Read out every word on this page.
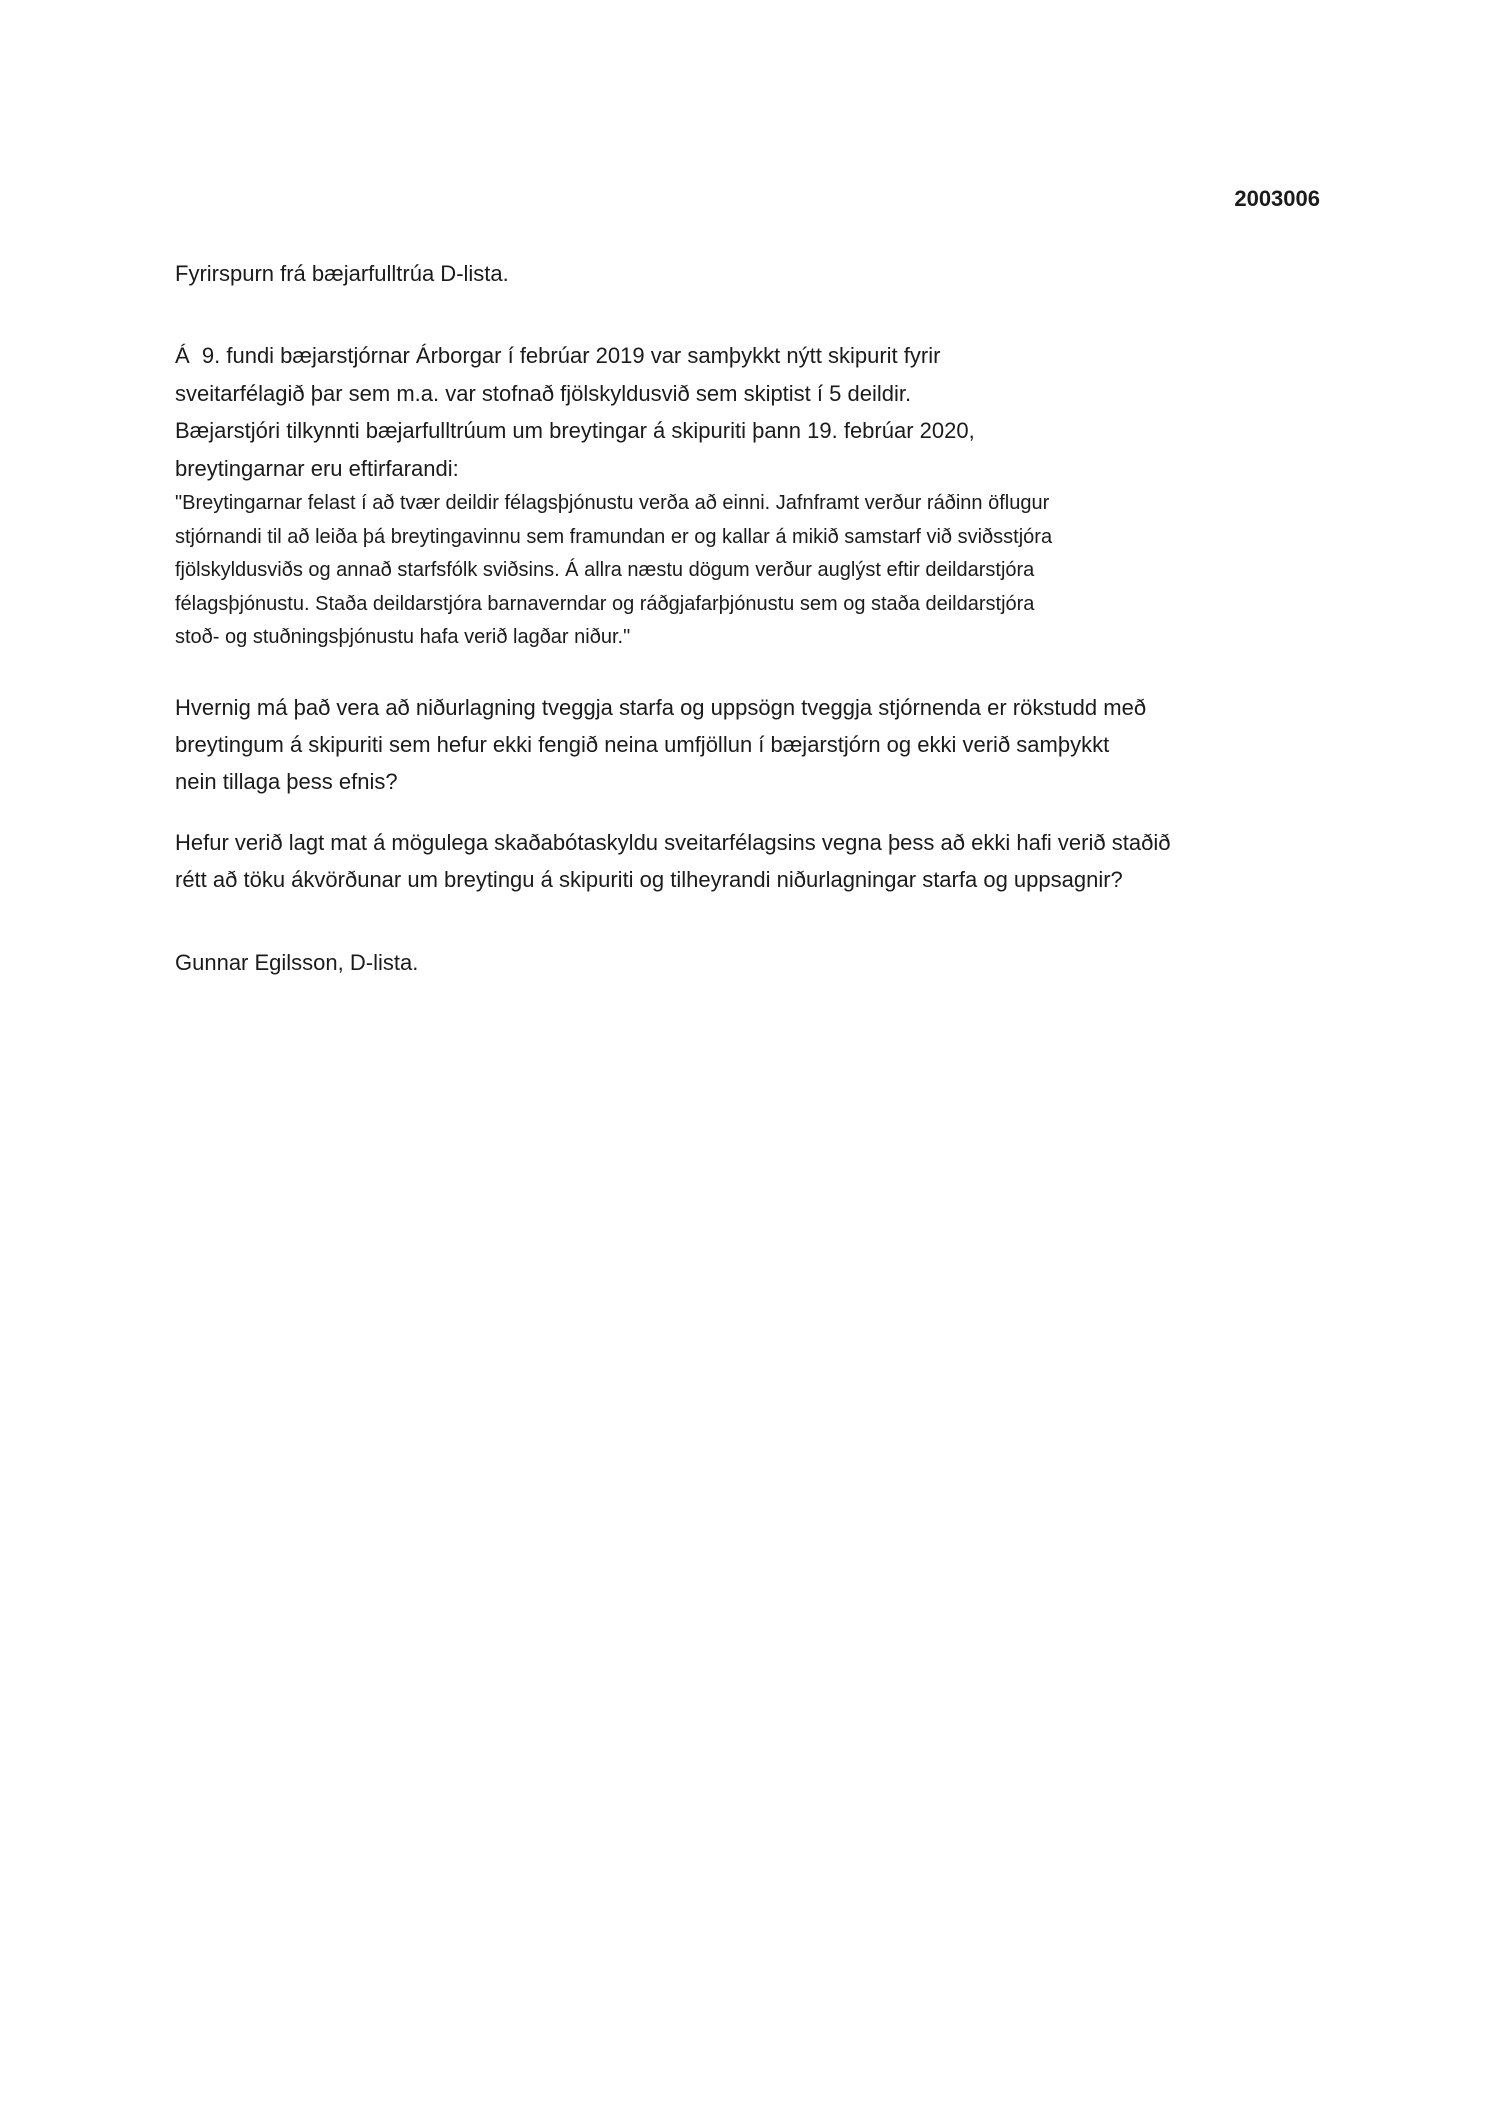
2003006

Fyrirspurn frá bæjarfulltrúa D-lista.

Á  9. fundi bæjarstjórnar Árborgar í febrúar 2019 var samþykkt nýtt skipurit fyrir
sveitarfélagið þar sem m.a. var stofnað fjölskyldusvið sem skiptist í 5 deildir.
Bæjarstjóri tilkynnti bæjarfulltrúum um breytingar á skipuriti þann 19. febrúar 2020,
breytingarnar eru eftirfarandi:

"Breytingarnar felast í að tvær deildir félagsþjónustu verða að einni. Jafnframt verður ráðinn öflugur
stjórnandi til að leiða þá breytingavinnu sem framundan er og kallar á mikið samstarf við sviðsstjóra
fjölskyldusviðs og annað starfsfólk sviðsins. Á allra næstu dögum verður auglýst eftir deildarstjóra
félagsþjónustu. Staða deildarstjóra barnaverndar og ráðgjafarþjónustu sem og staða deildarstjóra
stoð- og stuðningsþjónustu hafa verið lagðar niður."

Hvernig má það vera að niðurlagning tveggja starfa og uppsögn tveggja stjórnenda er rökstudd með
breytingum á skipuriti sem hefur ekki fengið neina umfjöllun í bæjarstjórn og ekki verið samþykkt
nein tillaga þess efnis?

Hefur verið lagt mat á mögulega skaðabótaskyldu sveitarfélagsins vegna þess að ekki hafi verið staðið
rétt að töku ákvörðunar um breytingu á skipuriti og tilheyrandi niðurlagningar starfa og uppsagnir?

Gunnar Egilsson, D-lista.
